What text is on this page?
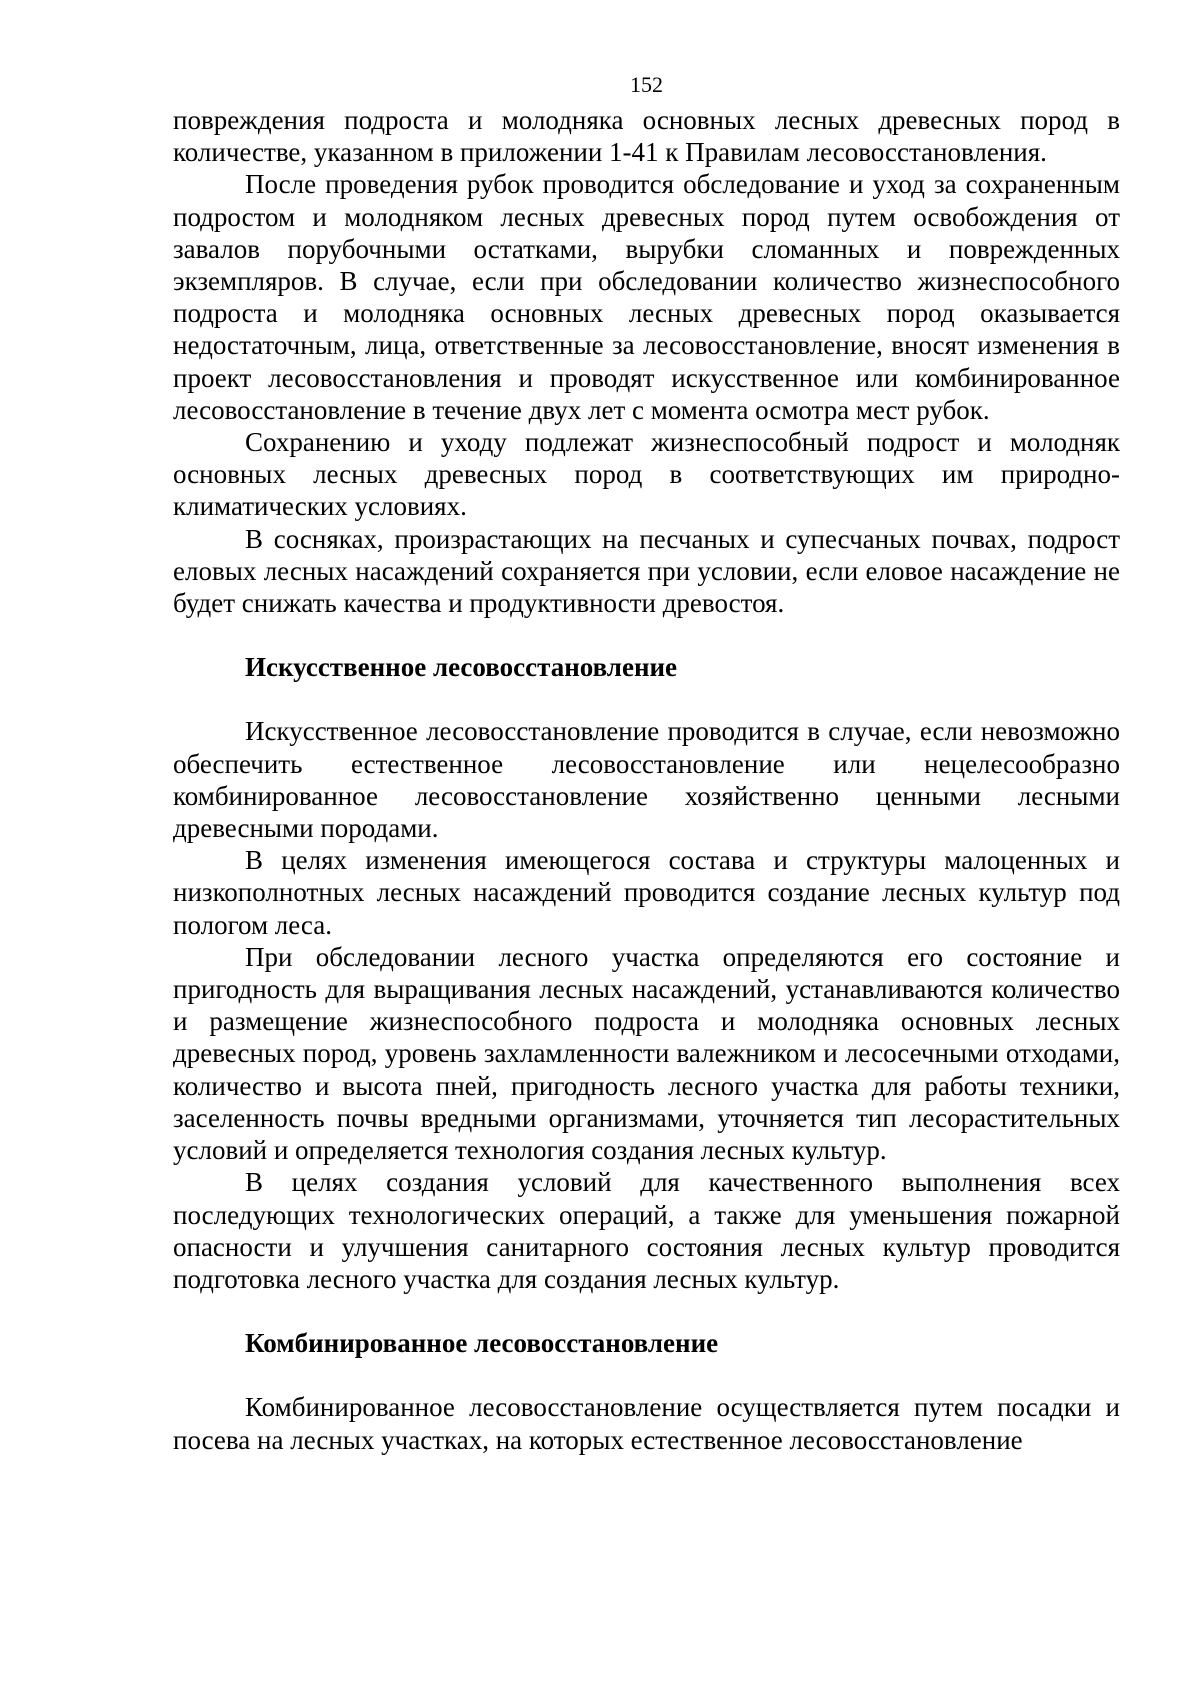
152

повреждения подроста и молодняка основных лесных древесных пород в количестве, указанном в приложении 1-41 к Правилам лесовосстановления.

После проведения рубок проводится обследование и уход за сохраненным подростом и молодняком лесных древесных пород путем освобождения от завалов порубочными остатками, вырубки сломанных и поврежденных экземпляров. В случае, если при обследовании количество жизнеспособного подроста и молодняка основных лесных древесных пород оказывается недостаточным, лица, ответственные за лесовосстановление, вносят изменения в проект лесовосстановления и проводят искусственное или комбинированное лесовосстановление в течение двух лет с момента осмотра мест рубок.

Сохранению и уходу подлежат жизнеспособный подрост и молодняк основных лесных древесных пород в соответствующих им природно-климатических условиях.

В сосняках, произрастающих на песчаных и супесчаных почвах, подрост еловых лесных насаждений сохраняется при условии, если еловое насаждение не будет снижать качества и продуктивности древостоя.

Искусственное лесовосстановление

Искусственное лесовосстановление проводится в случае, если невозможно обеспечить естественное лесовосстановление или нецелесообразно комбинированное лесовосстановление хозяйственно ценными лесными древесными породами.

В целях изменения имеющегося состава и структуры малоценных и низкополнотных лесных насаждений проводится создание лесных культур под пологом леса.

При обследовании лесного участка определяются его состояние и пригодность для выращивания лесных насаждений, устанавливаются количество и размещение жизнеспособного подроста и молодняка основных лесных древесных пород, уровень захламленности валежником и лесосечными отходами, количество и высота пней, пригодность лесного участка для работы техники, заселенность почвы вредными организмами, уточняется тип лесорастительных условий и определяется технология создания лесных культур.

В целях создания условий для качественного выполнения всех последующих технологических операций, а также для уменьшения пожарной опасности и улучшения санитарного состояния лесных культур проводится подготовка лесного участка для создания лесных культур.

Комбинированное лесовосстановление

Комбинированное лесовосстановление осуществляется путем посадки и посева на лесных участках, на которых естественное лесовосстановление
